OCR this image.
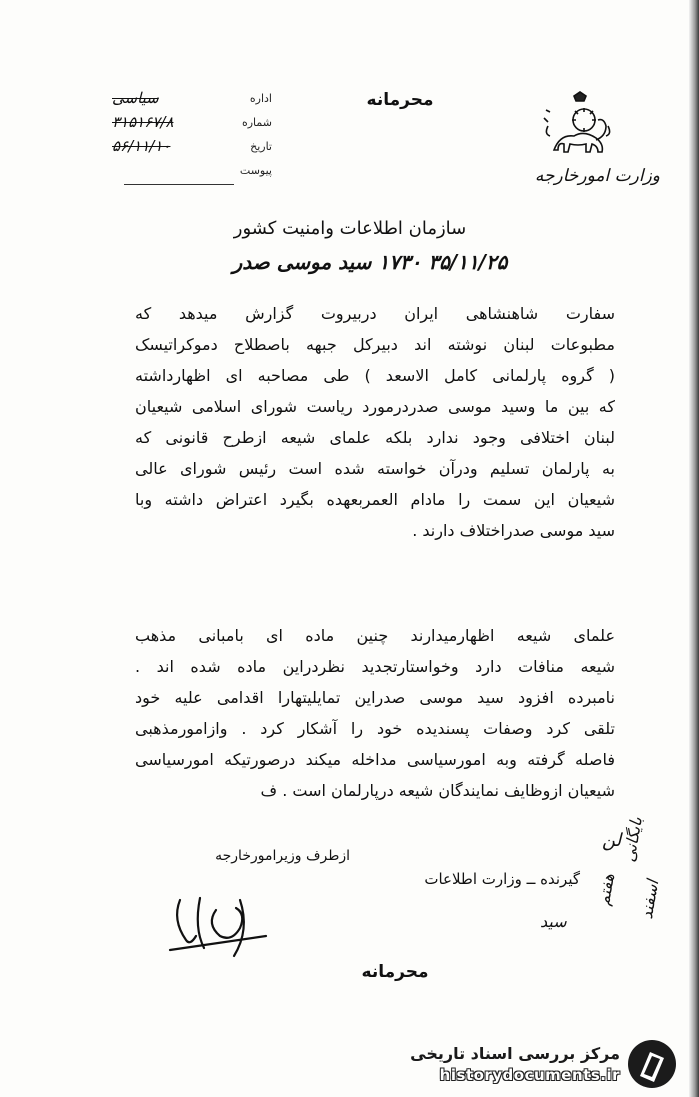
وزارت امورخارجه
محرمانه
اداره
سیاسی
شماره
۳۱۵۱۶۷/۸
تاریخ
۵۶/۱۱/۱۰
پیوست
سازمان اطلاعات وامنیت کشور
۳۵/۱۱/۲۵ ۱۷۳۰ سید موسی صدر
سفارت شاهنشاهی ایران دربیروت گزارش میدهد که
مطبوعات لبنان نوشته اند دبیرکل جبهه باصطلاح دموکراتیسک
( گروه پارلمانی کامل الاسعد ) طی مصاحبه ای اظهارداشته
که بین ما وسید موسی صدردرمورد ریاست شورای اسلامی شیعیان
لبنان اختلافی وجود ندارد بلکه علمای شیعه ازطرح قانونی که
به پارلمان تسلیم ودرآن خواسته شده است رئیس شورای عالی
شیعیان این سمت را مادام العمربعهده بگیرد اعتراض داشته وبا
سید موسی صدراختلاف دارند .
علمای شیعه اظهارمیدارند چنین ماده ای بامبانی مذهب
شیعه منافات دارد وخواستارتجدید نظردراین ماده شده اند .
نامبرده افزود سید موسی صدراین تمایلیتهارا اقدامی علیه خود
تلقی کرد وصفات پسندیده خود را آشکار کرد . وازامورمذهبی
فاصله گرفته وبه امورسیاسی مداخله میکند درصورتیکه امورسیاسی
شیعیان ازوظایف نمایندگان شیعه درپارلمان است . ف
لن
بایگانی
هفتم اسفند
ازطرف وزیرامورخارجه
گیرنده ــ وزارت اطلاعات
سید
محرمانه
مرکز بررسی اسناد تاریخی
historydocuments.ir
